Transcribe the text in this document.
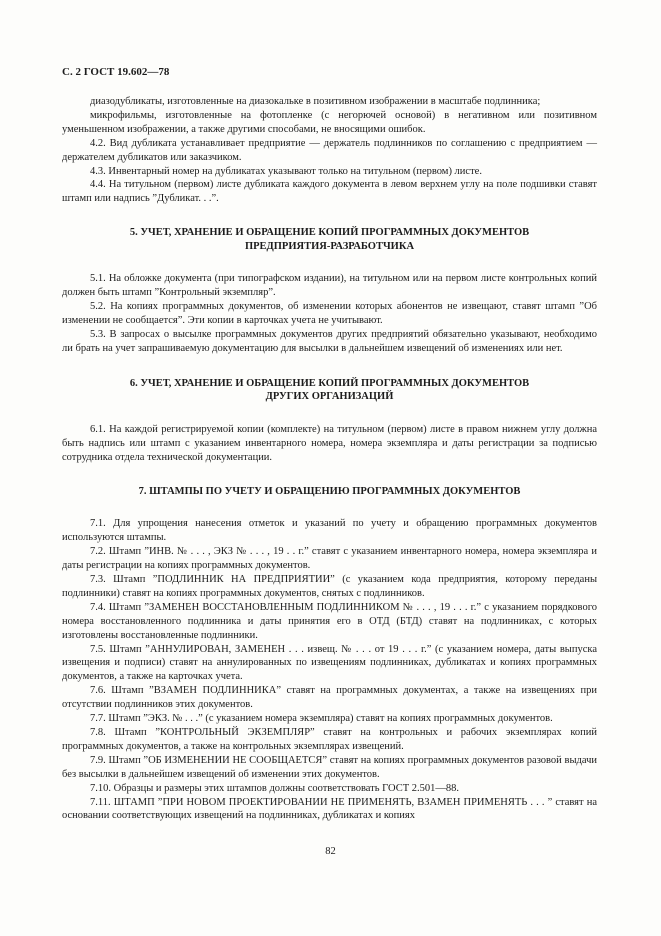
С. 2 ГОСТ 19.602—78

диазодубликаты, изготовленные на диазокальке в позитивном изображении в масштабе подлинника;

микрофильмы, изготовленные на фотопленке (с негорючей основой) в негативном или позитивном уменьшенном изображении, а также другими способами, не вносящими ошибок.

4.2. Вид дубликата устанавливает предприятие — держатель подлинников по соглашению с предприятием — держателем дубликатов или заказчиком.

4.3. Инвентарный номер на дубликатах указывают только на титульном (первом) листе.

4.4. На титульном (первом) листе дубликата каждого документа в левом верхнем углу на поле подшивки ставят штамп или надпись ”Дубликат. . .”.

5. УЧЕТ, ХРАНЕНИЕ И ОБРАЩЕНИЕ КОПИЙ ПРОГРАММНЫХ ДОКУМЕНТОВ
ПРЕДПРИЯТИЯ-РАЗРАБОТЧИКА

5.1. На обложке документа (при типографском издании), на титульном или на первом листе контрольных копий должен быть штамп ”Контрольный экземпляр”.

5.2. На копиях программных документов, об изменении которых абонентов не извещают, ставят штамп ”Об изменении не сообщается”. Эти копии в карточках учета не учитывают.

5.3. В запросах о высылке программных документов других предприятий обязательно указывают, необходимо ли брать на учет запрашиваемую документацию для высылки в дальнейшем извещений об изменениях или нет.

6. УЧЕТ, ХРАНЕНИЕ И ОБРАЩЕНИЕ КОПИЙ ПРОГРАММНЫХ ДОКУМЕНТОВ
ДРУГИХ ОРГАНИЗАЦИЙ

6.1. На каждой регистрируемой копии (комплекте) на титульном (первом) листе в правом нижнем углу должна быть надпись или штамп с указанием инвентарного номера, номера экземпляра и даты регистрации за подписью сотрудника отдела технической документации.

7. ШТАМПЫ ПО УЧЕТУ И ОБРАЩЕНИЮ ПРОГРАММНЫХ ДОКУМЕНТОВ

7.1. Для упрощения нанесения отметок и указаний по учету и обращению программных документов используются штампы.

7.2. Штамп ”ИНВ. № . . . , ЭКЗ № . . . , 19 . . г.” ставят с указанием инвентарного номера, номера экземпляра и даты регистрации на копиях программных документов.

7.3. Штамп ”ПОДЛИННИК НА ПРЕДПРИЯТИИ” (с указанием кода предприятия, которому переданы подлинники) ставят на копиях программных документов, снятых с подлинников.

7.4. Штамп ”ЗАМЕНЕН ВОССТАНОВЛЕННЫМ ПОДЛИННИКОМ № . . . , 19 . . . г.” с указанием порядкового номера восстановленного подлинника и даты принятия его в ОТД (БТД) ставят на подлинниках, с которых изготовлены восстановленные подлинники.

7.5. Штамп ”АННУЛИРОВАН, ЗАМЕНЕН . . . извещ. № . . . от 19 . . . г.” (с указанием номера, даты выпуска извещения и подписи) ставят на аннулированных по извещениям подлинниках, дубликатах и копиях программных документов, а также на карточках учета.

7.6. Штамп ”ВЗАМЕН ПОДЛИННИКА” ставят на программных документах, а также на извещениях при отсутствии подлинников этих документов.

7.7. Штамп ”ЭКЗ. № . . .” (с указанием номера экземпляра) ставят на копиях программных документов.

7.8. Штамп ”КОНТРОЛЬНЫЙ ЭКЗЕМПЛЯР” ставят на контрольных и рабочих экземплярах копий программных документов, а также на контрольных экземплярах извещений.

7.9. Штамп ”ОБ ИЗМЕНЕНИИ НЕ СООБЩАЕТСЯ” ставят на копиях программных документов разовой выдачи без высылки в дальнейшем извещений об изменении этих документов.

7.10. Образцы и размеры этих штампов должны соответствовать ГОСТ 2.501—88.

7.11. ШТАМП ”ПРИ НОВОМ ПРОЕКТИРОВАНИИ НЕ ПРИМЕНЯТЬ, ВЗАМЕН ПРИМЕНЯТЬ . . . ” ставят на основании соответствующих извещений на подлинниках, дубликатах и копиях

82
